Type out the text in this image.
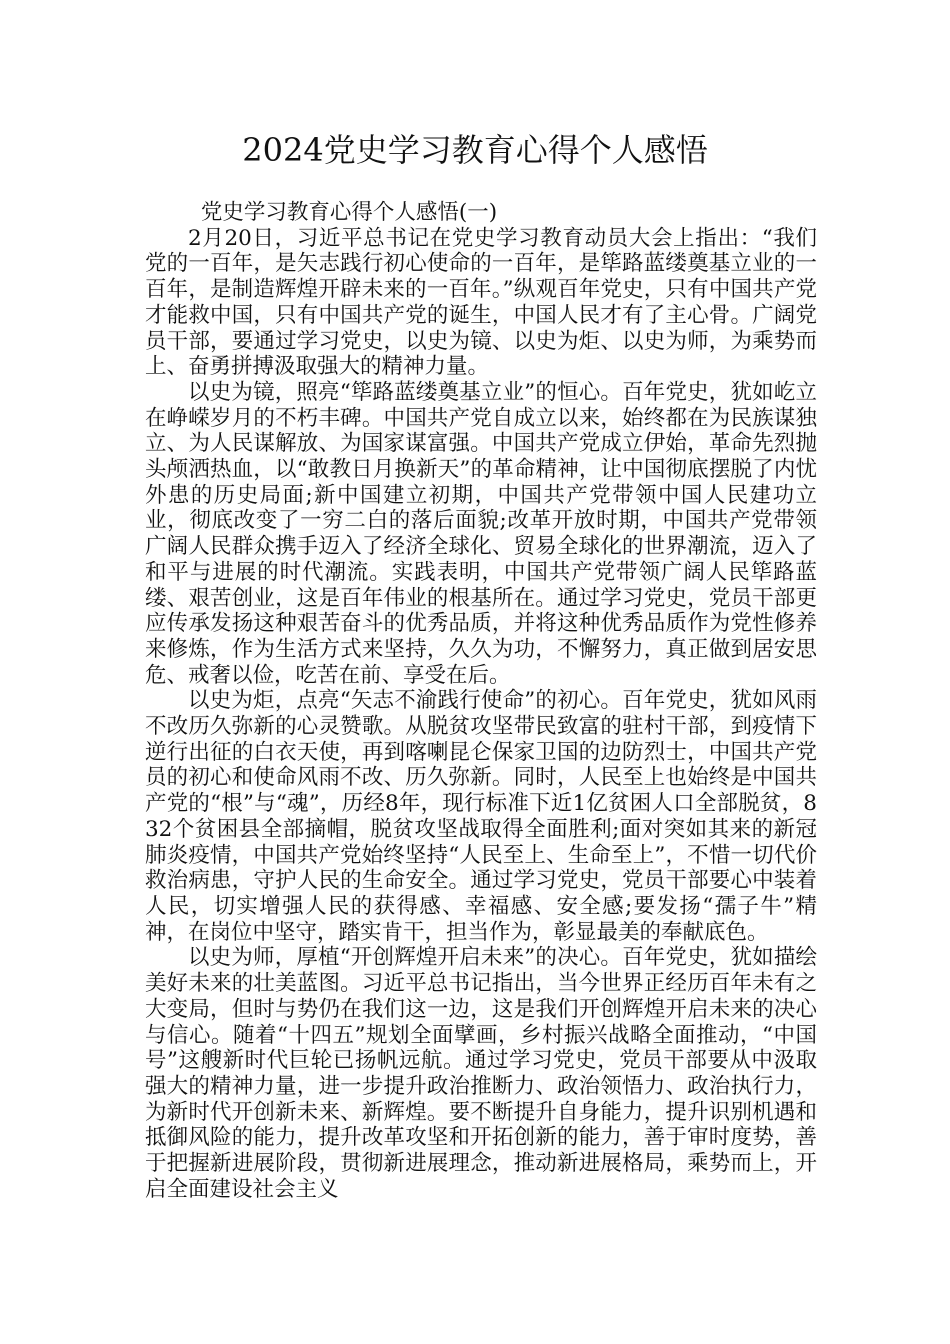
2024党史学习教育心得个人感悟

党史学习教育心得个人感悟(一)

2月20日，习近平总书记在党史学习教育动员大会上指出：“我们党的一百年，是矢志践行初心使命的一百年，是筚路蓝缕奠基立业的一百年，是制造辉煌开辟未来的一百年。”纵观百年党史，只有中国共产党才能救中国，只有中国共产党的诞生，中国人民才有了主心骨。广阔党员干部，要通过学习党史，以史为镜、以史为炬、以史为师，为乘势而上、奋勇拼搏汲取强大的精神力量。

以史为镜，照亮“筚路蓝缕奠基立业”的恒心。百年党史，犹如屹立在峥嵘岁月的不朽丰碑。中国共产党自成立以来，始终都在为民族谋独立、为人民谋解放、为国家谋富强。中国共产党成立伊始，革命先烈抛头颅洒热血，以“敢教日月换新天”的革命精神，让中国彻底摆脱了内忧外患的历史局面;新中国建立初期，中国共产党带领中国人民建功立业，彻底改变了一穷二白的落后面貌;改革开放时期，中国共产党带领广阔人民群众携手迈入了经济全球化、贸易全球化的世界潮流，迈入了和平与进展的时代潮流。实践表明，中国共产党带领广阔人民筚路蓝缕、艰苦创业，这是百年伟业的根基所在。通过学习党史，党员干部更应传承发扬这种艰苦奋斗的优秀品质，并将这种优秀品质作为党性修养来修炼，作为生活方式来坚持，久久为功，不懈努力，真正做到居安思危、戒奢以俭，吃苦在前、享受在后。

以史为炬，点亮“矢志不渝践行使命”的初心。百年党史，犹如风雨不改历久弥新的心灵赞歌。从脱贫攻坚带民致富的驻村干部，到疫情下逆行出征的白衣天使，再到喀喇昆仑保家卫国的边防烈士，中国共产党员的初心和使命风雨不改、历久弥新。同时，人民至上也始终是中国共产党的“根”与“魂”，历经8年，现行标准下近1亿贫困人口全部脱贫，832个贫困县全部摘帽，脱贫攻坚战取得全面胜利;面对突如其来的新冠肺炎疫情，中国共产党始终坚持“人民至上、生命至上”，不惜一切代价救治病患，守护人民的生命安全。通过学习党史，党员干部要心中装着人民，切实增强人民的获得感、幸福感、安全感;要发扬“孺子牛”精神，在岗位中坚守，踏实肯干，担当作为，彰显最美的奉献底色。

以史为师，厚植“开创辉煌开启未来”的决心。百年党史，犹如描绘美好未来的壮美蓝图。习近平总书记指出，当今世界正经历百年未有之大变局，但时与势仍在我们这一边，这是我们开创辉煌开启未来的决心与信心。随着“十四五”规划全面擘画，乡村振兴战略全面推动，“中国号”这艘新时代巨轮已扬帆远航。通过学习党史，党员干部要从中汲取强大的精神力量，进一步提升政治推断力、政治领悟力、政治执行力，为新时代开创新未来、新辉煌。要不断提升自身能力，提升识别机遇和抵御风险的能力，提升改革攻坚和开拓创新的能力，善于审时度势，善于把握新进展阶段，贯彻新进展理念，推动新进展格局，乘势而上，开启全面建设社会主义
